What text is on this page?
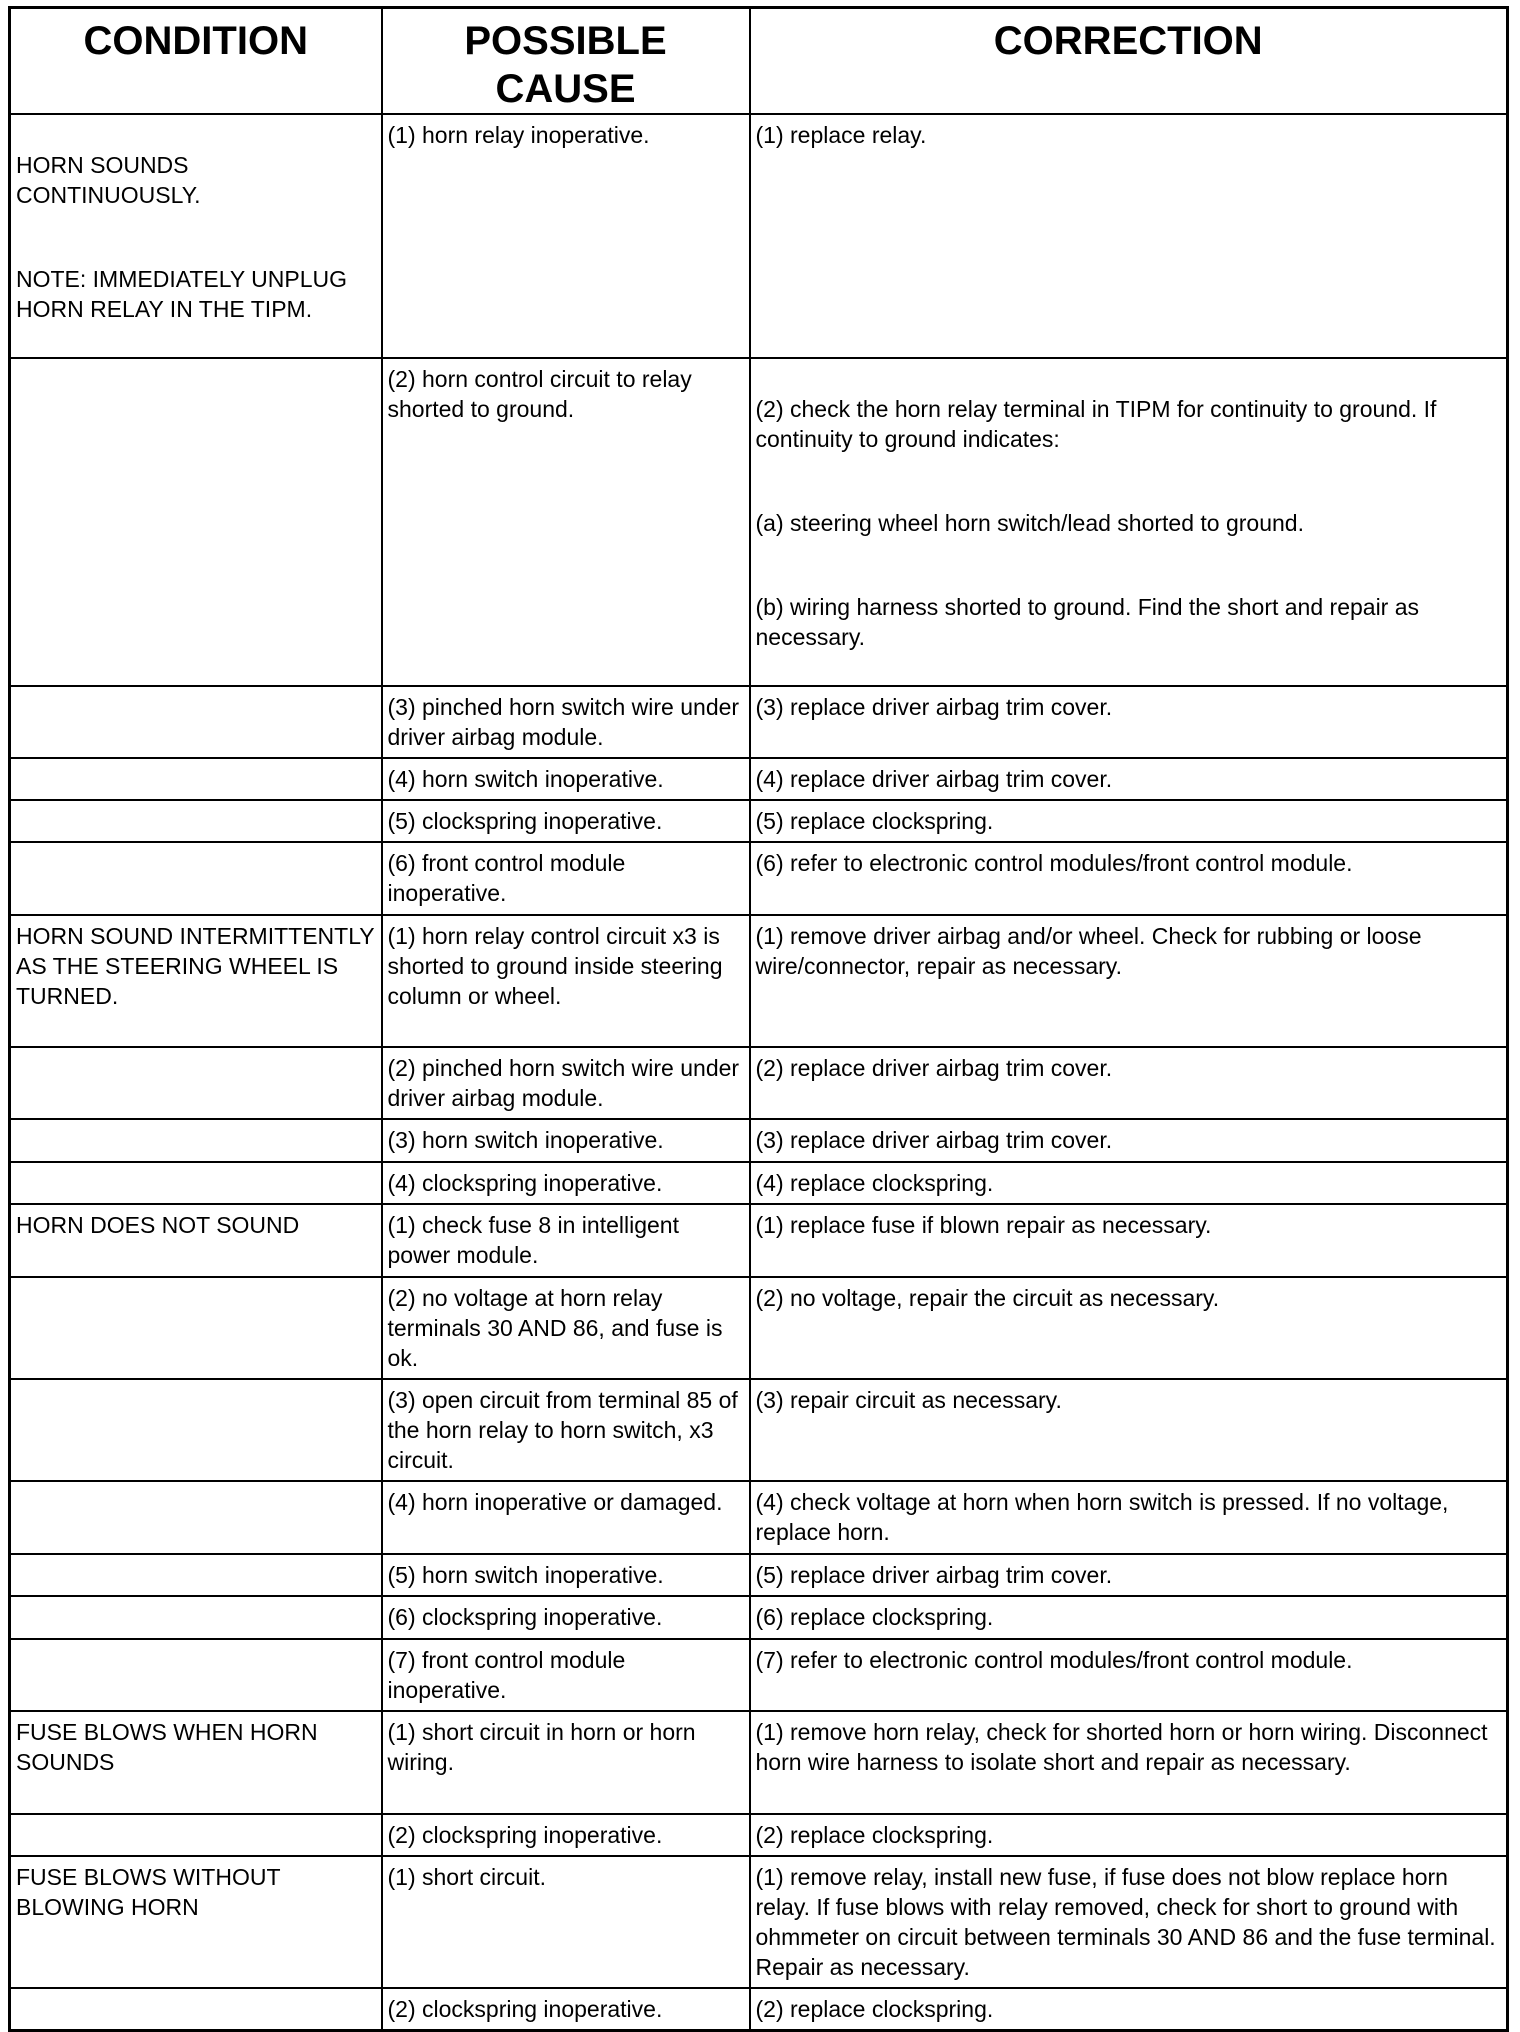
CONDITION	POSSIBLE CAUSE	CORRECTION

HORN SOUNDS CONTINUOUSLY.

NOTE: IMMEDIATELY UNPLUG HORN RELAY IN THE TIPM.	(1) horn relay inoperative.	(1) replace relay.
	(2) horn control circuit to relay shorted to ground.	(2) check the horn relay terminal in TIPM for continuity to ground. If continuity to ground indicates:

(a) steering wheel horn switch/lead shorted to ground.

(b) wiring harness shorted to ground. Find the short and repair as necessary.

	(3) pinched horn switch wire under driver airbag module.	(3) replace driver airbag trim cover.
	(4) horn switch inoperative.	(4) replace driver airbag trim cover.
	(5) clockspring inoperative.	(5) replace clockspring.
	(6) front control module inoperative.	(6) refer to electronic control modules/front control module.
HORN SOUND INTERMITTENTLY AS THE STEERING WHEEL IS TURNED.	(1) horn relay control circuit x3 is shorted to ground inside steering column or wheel.	(1) remove driver airbag and/or wheel. Check for rubbing or loose wire/connector, repair as necessary.
	(2) pinched horn switch wire under driver airbag module.	(2) replace driver airbag trim cover.
	(3) horn switch inoperative.	(3) replace driver airbag trim cover.
	(4) clockspring inoperative.	(4) replace clockspring.
HORN DOES NOT SOUND	(1) check fuse 8 in intelligent power module.	(1) replace fuse if blown repair as necessary.
	(2) no voltage at horn relay terminals 30 AND 86, and fuse is ok.	(2) no voltage, repair the circuit as necessary.
	(3) open circuit from terminal 85 of the horn relay to horn switch, x3 circuit.	(3) repair circuit as necessary.
	(4) horn inoperative or damaged.	(4) check voltage at horn when horn switch is pressed. If no voltage, replace horn.
	(5) horn switch inoperative.	(5) replace driver airbag trim cover.
	(6) clockspring inoperative.	(6) replace clockspring.
	(7) front control module inoperative.	(7) refer to electronic control modules/front control module.
FUSE BLOWS WHEN HORN SOUNDS	(1) short circuit in horn or horn wiring.	(1) remove horn relay, check for shorted horn or horn wiring. Disconnect horn wire harness to isolate short and repair as necessary.
	(2) clockspring inoperative.	(2) replace clockspring.
FUSE BLOWS WITHOUT BLOWING HORN	(1) short circuit.	(1) remove relay, install new fuse, if fuse does not blow replace horn relay. If fuse blows with relay removed, check for short to ground with ohmmeter on circuit between terminals 30 AND 86 and the fuse terminal. Repair as necessary.
	(2) clockspring inoperative.	(2) replace clockspring.
